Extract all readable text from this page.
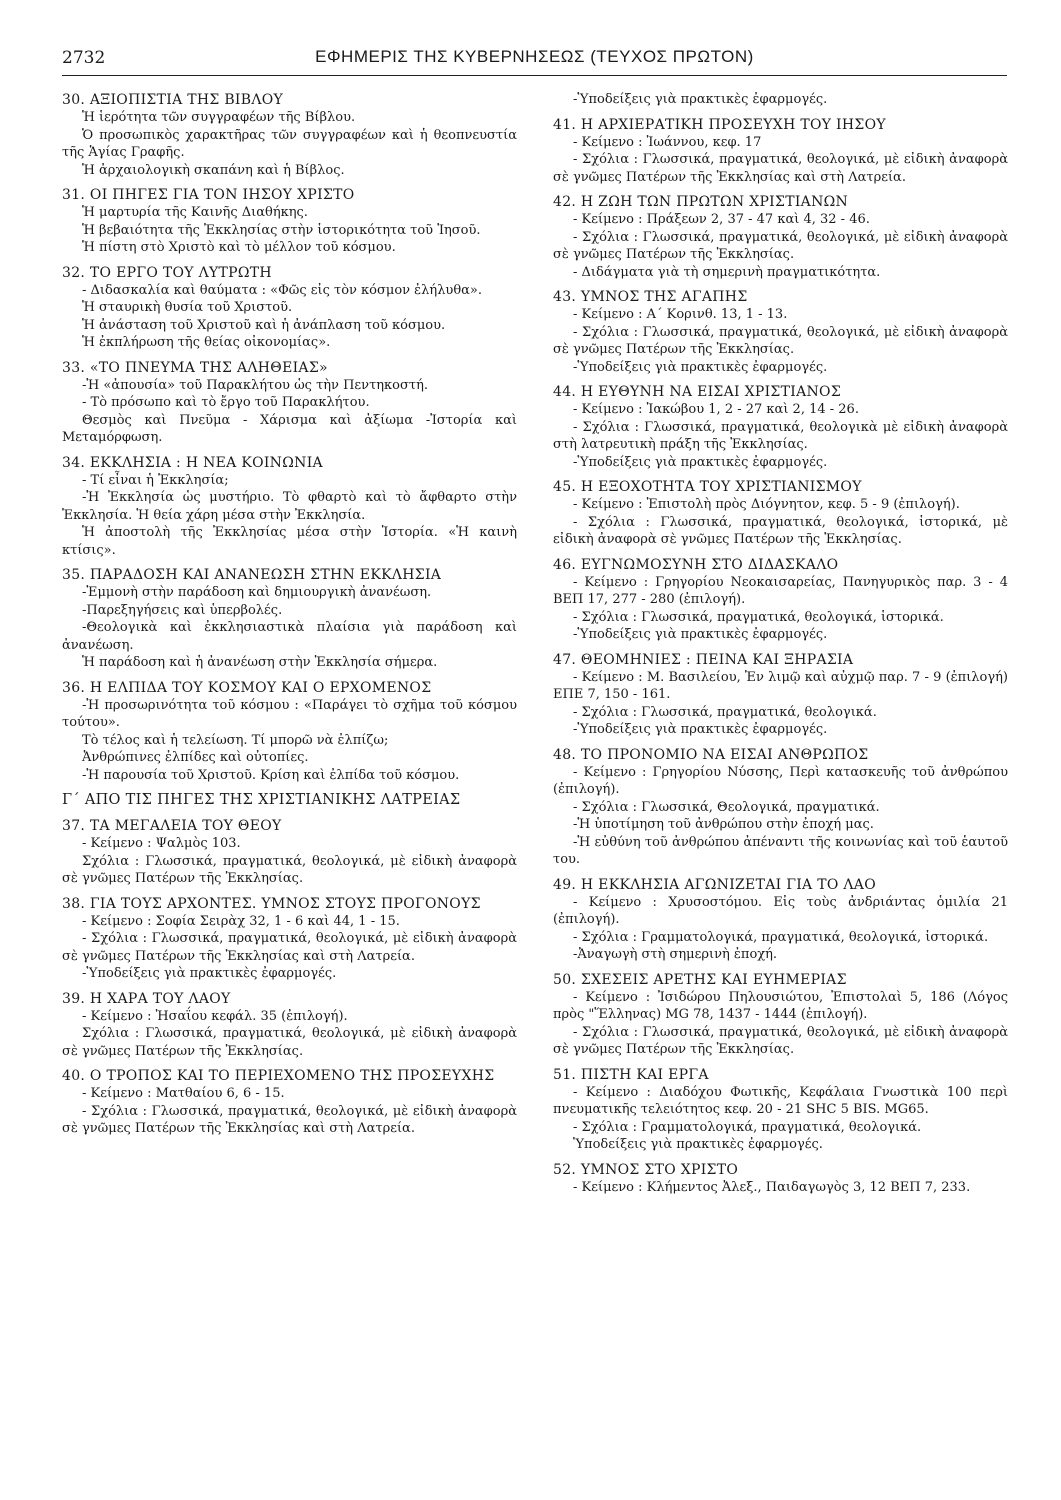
2732	ΕΦΗΜΕΡΙΣ ΤΗΣ ΚΥΒΕΡΝΗΣΕΩΣ (ΤΕΥΧΟΣ ΠΡΩΤΟΝ)
30. ΑΞΙΟΠΙΣΤΙΑ ΤΗΣ ΒΙΒΛΟΥ

Ἡ ἱερότητα τῶν συγγραφέων τῆς Βίβλου.

Ὁ προσωπικὸς χαρακτῆρας τῶν συγγραφέων καὶ ἡ θεοπνευστία τῆς Ἁγίας Γραφῆς.

Ἡ ἀρχαιολογικὴ σκαπάνη καὶ ἡ Βίβλος.

31. ΟΙ ΠΗΓΕΣ ΓΙΑ ΤΟΝ ΙΗΣΟΥ ΧΡΙΣΤΟ

Ἡ μαρτυρία τῆς Καινῆς Διαθήκης.

Ἡ βεβαιότητα τῆς Ἐκκλησίας στὴν ἱστορικότητα τοῦ Ἰησοῦ.

Ἡ πίστη στὸ Χριστὸ καὶ τὸ μέλλον τοῦ κόσμου.

32. ΤΟ ΕΡΓΟ ΤΟΥ ΛΥΤΡΩΤΗ

- Διδασκαλία καὶ θαύματα : «Φῶς εἰς τὸν κόσμον ἐλήλυθα».

Ἡ σταυρικὴ θυσία τοῦ Χριστοῦ.

Ἡ ἀνάσταση τοῦ Χριστοῦ καὶ ἡ ἀνάπλαση τοῦ κόσμου.

Ἡ ἐκπλήρωση τῆς θείας οἰκονομίας».

33. «ΤΟ ΠΝΕΥΜΑ ΤΗΣ ΑΛΗΘΕΙΑΣ»

-Ἡ «ἀπουσία» τοῦ Παρακλήτου ὡς τὴν Πεντηκοστή.

- Τὸ πρόσωπο καὶ τὸ ἔργο τοῦ Παρακλήτου.

Θεσμὸς καὶ Πνεῦμα - Χάρισμα καὶ ἀξίωμα -Ἱστορία καὶ Μεταμόρφωση.

34. ΕΚΚΛΗΣΙΑ : Η ΝΕΑ ΚΟΙΝΩΝΙΑ

- Τί εἶναι ἡ Ἐκκλησία;

-Ἡ Ἐκκλησία ὡς μυστήριο. Τὸ φθαρτὸ καὶ τὸ ἄφθαρτο στὴν Ἐκκλησία. Ἡ θεία χάρη μέσα στὴν Ἐκκλησία.

Ἡ ἀποστολὴ τῆς Ἐκκλησίας μέσα στὴν Ἱστορία. «Ἡ καινὴ κτίσις».

35. ΠΑΡΑΔΟΣΗ ΚΑΙ ΑΝΑΝΕΩΣΗ ΣΤΗΝ ΕΚΚΛΗΣΙΑ

-Ἐμμονὴ στὴν παράδοση καὶ δημιουργικὴ ἀνανέωση.

-Παρεξηγήσεις καὶ ὑπερβολές.

-Θεολογικὰ καὶ ἐκκλησιαστικὰ πλαίσια γιὰ παράδοση καὶ ἀνανέωση.

Ἡ παράδοση καὶ ἡ ἀνανέωση στὴν Ἐκκλησία σήμερα.

36. Η ΕΛΠΙΔΑ ΤΟΥ ΚΟΣΜΟΥ ΚΑΙ Ο ΕΡΧΟΜΕΝΟΣ

-Ἡ προσωρινότητα τοῦ κόσμου : «Παράγει τὸ σχῆμα τοῦ κόσμου τούτου».

Τὸ τέλος καὶ ἡ τελείωση. Τί μπορῶ νὰ ἐλπίζω;

Ἀνθρώπινες ἐλπίδες καὶ οὐτοπίες.

-Ἡ παρουσία τοῦ Χριστοῦ. Κρίση καὶ ἐλπίδα τοῦ κόσμου.

Γ΄ ΑΠΟ ΤΙΣ ΠΗΓΕΣ ΤΗΣ ΧΡΙΣΤΙΑΝΙΚΗΣ ΛΑΤΡΕΙΑΣ
37. ΤΑ ΜΕΓΑΛΕΙΑ ΤΟΥ ΘΕΟΥ

- Κείμενο : Ψαλμὸς 103.

Σχόλια : Γλωσσικά, πραγματικά, θεολογικά, μὲ εἰδικὴ ἀναφορὰ σὲ γνῶμες Πατέρων τῆς Ἐκκλησίας.

38. ΓΙΑ ΤΟΥΣ ΑΡΧΟΝΤΕΣ. ΥΜΝΟΣ ΣΤΟΥΣ ΠΡΟΓΟΝΟΥΣ

- Κείμενο : Σοφία Σειρὰχ 32, 1 - 6 καὶ 44, 1 - 15.

- Σχόλια : Γλωσσικά, πραγματικά, θεολογικά, μὲ εἰδικὴ ἀναφορὰ σὲ γνῶμες Πατέρων τῆς Ἐκκλησίας καὶ στὴ Λατρεία.

-Ὑποδείξεις γιὰ πρακτικὲς ἐφαρμογές.

39. Η ΧΑΡΑ ΤΟΥ ΛΑΟΥ

- Κείμενο : Ἠσαΐου κεφάλ. 35 (ἐπιλογή).

Σχόλια : Γλωσσικά, πραγματικά, θεολογικά, μὲ εἰδικὴ ἀναφορὰ σὲ γνῶμες Πατέρων τῆς Ἐκκλησίας.

40. Ο ΤΡΟΠΟΣ ΚΑΙ ΤΟ ΠΕΡΙΕΧΟΜΕΝΟ ΤΗΣ ΠΡΟΣΕΥΧΗΣ

- Κείμενο : Ματθαίου 6, 6 - 15.

- Σχόλια : Γλωσσικά, πραγματικά, θεολογικά, μὲ εἰδικὴ ἀναφορὰ σὲ γνῶμες Πατέρων τῆς Ἐκκλησίας καὶ στὴ Λατρεία.

-Ὑποδείξεις γιὰ πρακτικὲς ἐφαρμογές.

41. Η ΑΡΧΙΕΡΑΤΙΚΗ ΠΡΟΣΕΥΧΗ ΤΟΥ ΙΗΣΟΥ

- Κείμενο : Ἰωάννου, κεφ. 17

- Σχόλια : Γλωσσικά, πραγματικά, θεολογικά, μὲ εἰδικὴ ἀναφορὰ σὲ γνῶμες Πατέρων τῆς Ἐκκλησίας καὶ στὴ Λατρεία.

42. Η ΖΩΗ ΤΩΝ ΠΡΩΤΩΝ ΧΡΙΣΤΙΑΝΩΝ

- Κείμενο : Πράξεων 2, 37 - 47 καὶ 4, 32 - 46.

- Σχόλια : Γλωσσικά, πραγματικά, θεολογικά, μὲ εἰδικὴ ἀναφορὰ σὲ γνῶμες Πατέρων τῆς Ἐκκλησίας.

- Διδάγματα γιὰ τὴ σημερινὴ πραγματικότητα.

43. ΥΜΝΟΣ ΤΗΣ ΑΓΑΠΗΣ

- Κείμενο : Α΄ Κορινθ. 13, 1 - 13.

- Σχόλια : Γλωσσικά, πραγματικά, θεολογικά, μὲ εἰδικὴ ἀναφορὰ σὲ γνῶμες Πατέρων τῆς Ἐκκλησίας.

-Ὑποδείξεις γιὰ πρακτικὲς ἐφαρμογές.

44. Η ΕΥΘΥΝΗ ΝΑ ΕΙΣΑΙ ΧΡΙΣΤΙΑΝΟΣ

- Κείμενο : Ἰακώβου 1, 2 - 27 καὶ 2, 14 - 26.

- Σχόλια : Γλωσσικά, πραγματικά, θεολογικὰ μὲ εἰδικὴ ἀναφορὰ στὴ λατρευτικὴ πράξη τῆς Ἐκκλησίας.

-Ὑποδείξεις γιὰ πρακτικὲς ἐφαρμογές.

45. Η ΕΞΟΧΟΤΗΤΑ ΤΟΥ ΧΡΙΣΤΙΑΝΙΣΜΟΥ

- Κείμενο : Ἐπιστολὴ πρὸς Διόγνητον, κεφ. 5 - 9 (ἐπιλογή).

- Σχόλια : Γλωσσικά, πραγματικά, θεολογικά, ἱστορικά, μὲ εἰδικὴ ἀναφορὰ σὲ γνῶμες Πατέρων τῆς Ἐκκλησίας.

46. ΕΥΓΝΩΜΟΣΥΝΗ ΣΤΟ ΔΙΔΑΣΚΑΛΟ

- Κείμενο : Γρηγορίου Νεοκαισαρείας, Πανηγυρικὸς παρ. 3 - 4 ΒΕΠ 17, 277 - 280 (ἐπιλογή).

- Σχόλια : Γλωσσικά, πραγματικά, θεολογικά, ἱστορικά.

-Ὑποδείξεις γιὰ πρακτικὲς ἐφαρμογές.

47. ΘΕΟΜΗΝΙΕΣ : ΠΕΙΝΑ ΚΑΙ ΞΗΡΑΣΙΑ

- Κείμενο : Μ. Βασιλείου, Ἐν λιμῷ καὶ αὐχμῷ παρ. 7 - 9 (ἐπιλογή) ΕΠΕ 7, 150 - 161.

- Σχόλια : Γλωσσικά, πραγματικά, θεολογικά.

-Ὑποδείξεις γιὰ πρακτικὲς ἐφαρμογές.

48. ΤΟ ΠΡΟΝΟΜΙΟ ΝΑ ΕΙΣΑΙ ΑΝΘΡΩΠΟΣ

- Κείμενο : Γρηγορίου Νύσσης, Περὶ κατασκευῆς τοῦ ἀνθρώπου (ἐπιλογή).

- Σχόλια : Γλωσσικά, Θεολογικά, πραγματικά.

-Ἡ ὑποτίμηση τοῦ ἀνθρώπου στὴν ἐποχή μας.

-Ἡ εὐθύνη τοῦ ἀνθρώπου ἀπέναντι τῆς κοινωνίας καὶ τοῦ ἑαυτοῦ του.

49. Η ΕΚΚΛΗΣΙΑ ΑΓΩΝΙΖΕΤΑΙ ΓΙΑ ΤΟ ΛΑΟ

- Κείμενο : Χρυσοστόμου. Εἰς τοὺς ἀνδριάντας ὁμιλία 21 (ἐπιλογή).

- Σχόλια : Γραμματολογικά, πραγματικά, θεολογικά, ἱστορικά.

-Ἀναγωγὴ στὴ σημερινὴ ἐποχή.

50. ΣΧΕΣΕΙΣ ΑΡΕΤΗΣ ΚΑΙ ΕΥΗΜΕΡΙΑΣ

- Κείμενο : Ἰσιδώρου Πηλουσιώτου, Ἐπιστολαὶ 5, 186 (Λόγος πρὸς "Ἕλληνας) MG 78, 1437 - 1444 (ἐπιλογή).

- Σχόλια : Γλωσσικά, πραγματικά, θεολογικά, μὲ εἰδικὴ ἀναφορὰ σὲ γνῶμες Πατέρων τῆς Ἐκκλησίας.

51. ΠΙΣΤΗ ΚΑΙ ΕΡΓΑ

- Κείμενο : Διαδόχου Φωτικῆς, Κεφάλαια Γνωστικὰ 100 περὶ πνευματικῆς τελειότητος κεφ. 20 - 21 SHC 5 BIS. MG65.

- Σχόλια : Γραμματολογικά, πραγματικά, θεολογικά.

Ὑποδείξεις γιὰ πρακτικὲς ἐφαρμογές.

52. ΥΜΝΟΣ ΣΤΟ ΧΡΙΣΤΟ

- Κείμενο : Κλήμεντος Ἀλεξ., Παιδαγωγὸς 3, 12 ΒΕΠ 7, 233.
